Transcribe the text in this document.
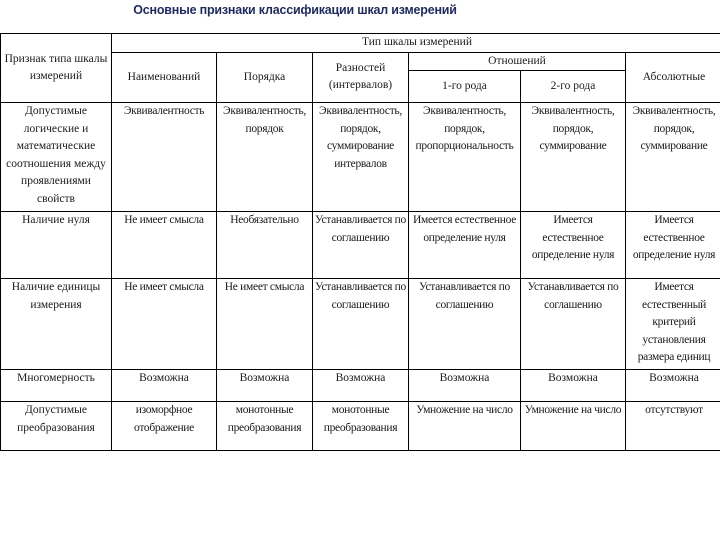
Основные признаки классификации шкал измерений
Признак типа шкалы измерений	Тип шкалы измерений					
	Наименований	Порядка	Разностей (интервалов)	Отношений		Абсолютные
				1-го рода	2-го рода	
Допустимые логические и математические соотношения между проявлениями свойств	Эквивалентность	Эквивалентность, порядок	Эквивалентность, порядок, суммирование интервалов	Эквивалентность, порядок, пропорциональность	Эквивалентность, порядок, суммирование	Эквивалентность, порядок, суммирование
Наличие нуля	Не имеет смысла	Необязательно	Устанавливается по соглашению	Имеется естественное определение нуля	Имеется естественное определение нуля	Имеется естественное определение нуля
Наличие единицы измерения	Не имеет смысла	Не имеет смысла	Устанавливается по соглашению	Устанавливается по соглашению	Устанавливается по соглашению	Имеется естественный критерий установления размера единиц
Многомерность	Возможна	Возможна	Возможна	Возможна	Возможна	Возможна
Допустимые преобразования	изоморфное отображение	монотонные преобразования	монотонные преобразования	Умножение на число	Умножение на число	отсутствуют
